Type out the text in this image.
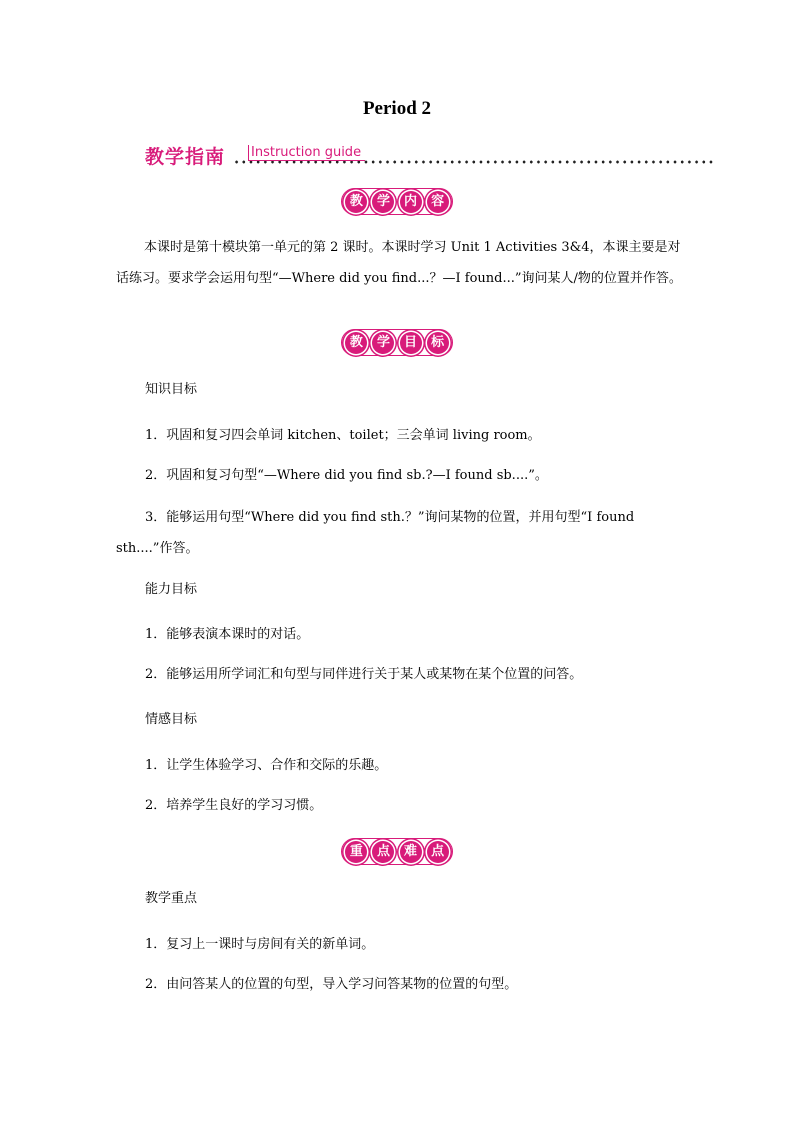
Period 2
教学指南 Instruction guide
教 学 内 容
本课时是第十模块第一单元的第 2 课时。本课时学习 Unit 1 Activities 3&4，本课主要是对话练习。要求学会运用句型“—Where did you find...？—I found...”询问某人/物的位置并作答。
教 学 目 标
知识目标
1．巩固和复习四会单词 kitchen、toilet；三会单词 living room。
2．巩固和复习句型“—Where did you find sb.?—I found sb....”。
3．能够运用句型“Where did you find sth.？”询问某物的位置，并用句型“I found sth....”作答。
能力目标
1．能够表演本课时的对话。
2．能够运用所学词汇和句型与同伴进行关于某人或某物在某个位置的问答。
情感目标
1．让学生体验学习、合作和交际的乐趣。
2．培养学生良好的学习习惯。
重 点 难 点
教学重点
1．复习上一课时与房间有关的新单词。
2．由问答某人的位置的句型，导入学习问答某物的位置的句型。
